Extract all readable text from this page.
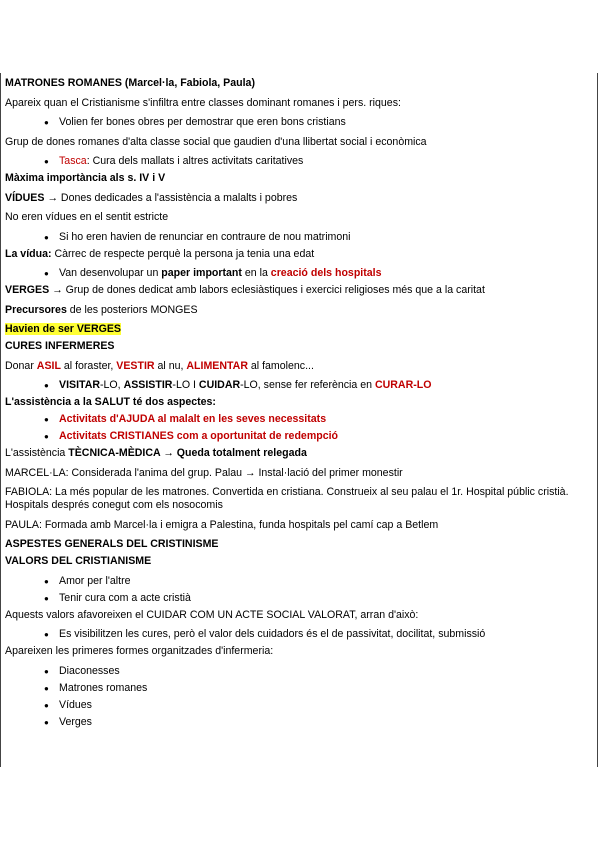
MATRONES ROMANES (Marcel·la, Fabiola, Paula)
Apareix quan el Cristianisme s'infiltra entre classes dominant romanes i pers. riques:
● Volien fer bones obres per demostrar que eren bons cristians
Grup de dones romanes d'alta classe social que gaudien d'una llibertat social i econòmica
● Tasca: Cura dels mallats i altres activitats caritatives
Màxima importància als s. IV i V
VÍDUES → Dones dedicades a l'assistència a malalts i pobres
No eren vídues en el sentit estricte
● Si ho eren havien de renunciar en contraure de nou matrimoni
La vídua: Càrrec de respecte perquè la persona ja tenia una edat
● Van desenvolupar un paper important en la creació dels hospitals
VERGES → Grup de dones dedicat amb labors eclesiàstiques i exercici religioses més que a la caritat
Precursores de les posteriors MONGES
Havien de ser VERGES
CURES INFERMERES
Donar ASIL al foraster, VESTIR al nu, ALIMENTAR al famolenc...
● VISITAR-LO, ASSISTIR-LO I CUIDAR-LO, sense fer referència en CURAR-LO
L'assistència a la SALUT té dos aspectes:
● Activitats d'AJUDA al malalt en les seves necessitats
● Activitats CRISTIANES com a oportunitat de redempció
L'assistència TÈCNICA-MÈDICA → Queda totalment relegada
MARCEL·LA: Considerada l'anima del grup. Palau → Instal·lació del primer monestir
FABIOLA: La més popular de les matrones. Convertida en cristiana. Construeix al seu palau el 1r. Hospital públic cristià. Hospitals després conegut com els nosocomis
PAULA: Formada amb Marcel·la i emigra a Palestina, funda hospitals pel camí cap a Betlem
ASPESTES GENERALS DEL CRISTINISME
VALORS DEL CRISTIANISME
● Amor per l'altre
● Tenir cura com a acte cristià
Aquests valors afavoreixen el CUIDAR COM UN ACTE SOCIAL VALORAT, arran d'això:
● Es visibilitzen les cures, però el valor dels cuidadors és el de passivitat, docilitat, submissió
Apareixen les primeres formes organitzades d'infermeria:
● Diaconesses
● Matrones romanes
● Vídues
● Verges
